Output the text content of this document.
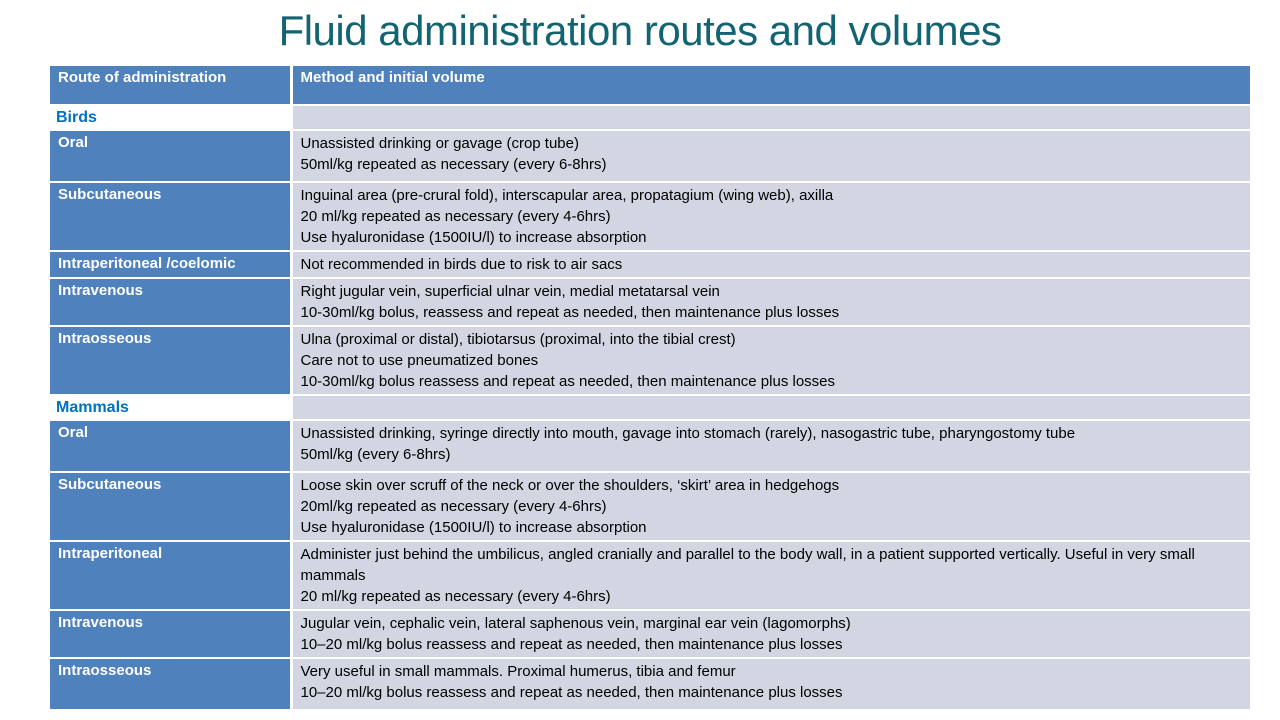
Fluid administration routes and volumes
Route of administration	Method and initial volume
Birds	
Oral	Unassisted drinking or gavage (crop tube)
50ml/kg repeated as necessary (every 6-8hrs)

Subcutaneous	Inguinal area (pre-crural fold), interscapular area, propatagium (wing web), axilla
20 ml/kg repeated as necessary (every 4-6hrs)
Use hyaluronidase (1500IU/l) to increase absorption

Intraperitoneal /coelomic	Not recommended in birds due to risk to air sacs

Intravenous	Right jugular vein, superficial ulnar vein, medial metatarsal vein
10-30ml/kg bolus, reassess and repeat as needed, then maintenance plus losses

Intraosseous	Ulna (proximal or distal), tibiotarsus (proximal, into the tibial crest)
Care not to use pneumatized bones
10-30ml/kg bolus reassess and repeat as needed, then maintenance plus losses

Mammals	
Oral	Unassisted drinking, syringe directly into mouth, gavage into stomach (rarely), nasogastric tube, pharyngostomy tube
50ml/kg (every 6-8hrs)

Subcutaneous	Loose skin over scruff of the neck or over the shoulders, ‘skirt’ area in hedgehogs
20ml/kg repeated as necessary (every 4-6hrs)
Use hyaluronidase (1500IU/l) to increase absorption

Intraperitoneal	Administer just behind the umbilicus, angled cranially and parallel to the body wall, in a patient supported vertically. Useful in very small mammals
20 ml/kg repeated as necessary (every 4-6hrs)

Intravenous	Jugular vein, cephalic vein, lateral saphenous vein, marginal ear vein (lagomorphs)
10–20 ml/kg bolus reassess and repeat as needed, then maintenance plus losses

Intraosseous	Very useful in small mammals. Proximal humerus, tibia and femur
10–20 ml/kg bolus reassess and repeat as needed, then maintenance plus losses
